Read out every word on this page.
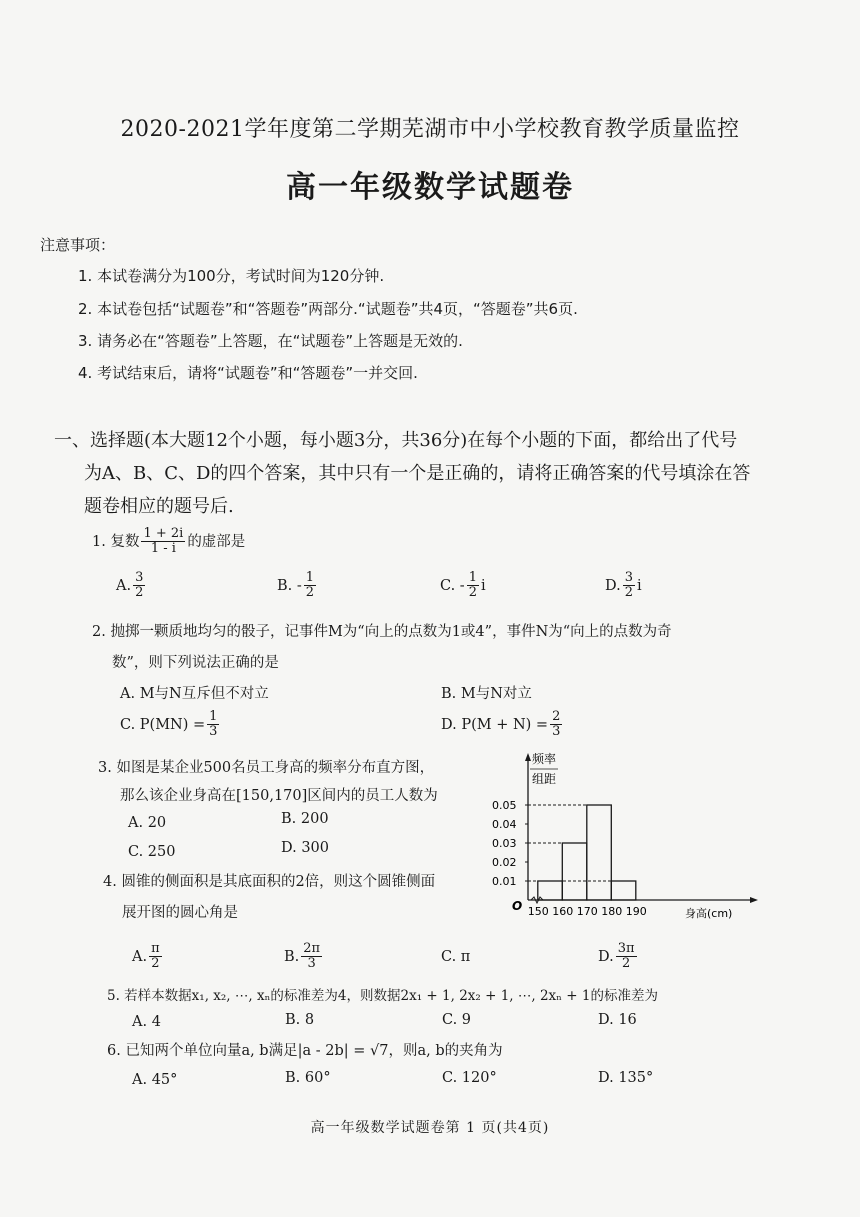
2020-2021学年度第二学期芜湖市中小学校教育教学质量监控
高一年级数学试题卷
注意事项：
1. 本试卷满分为100分，考试时间为120分钟.
2. 本试卷包括“试题卷”和“答题卷”两部分.“试题卷”共4页，“答题卷”共6页.
3. 请务必在“答题卷”上答题，在“试题卷”上答题是无效的.
4. 考试结束后，请将“试题卷”和“答题卷”一并交回.
一、选择题(本大题12个小题，每小题3分，共36分)在每个小题的下面，都给出了代号
为A、B、C、D的四个答案，其中只有一个是正确的，请将正确答案的代号填涂在答
题卷相应的题号后.
1. 复数 $\frac{1 + 2i}{1 - i}$ 的虚部是
A. $\frac{3}{2}$	B. - $\frac{1}{2}$	C. - $\frac{1}{2}$ i	D. $\frac{3}{2}$ i
2. 抛掷一颗质地均匀的骰子，记事件M为“向上的点数为1或4”，事件N为“向上的点数为奇
数”，则下列说法正确的是
A. M与N互斥但不对立	B. M与N对立
C. $P(MN) = \frac{1}{3}$	D. $P(M + N) = \frac{2}{3}$
3. 如图是某企业500名员工身高的频率分布直方图，
那么该企业身高在[150,170]区间内的员工人数为
A. 20	B. 200
C. 250	D. 300
4. 圆锥的侧面积是其底面积的2倍，则这个圆锥侧面
展开图的圆心角是
A. $\frac{\pi}{2}$	B. $\frac{2\pi}{3}$	C. π	D. $\frac{3\pi}{2}$
5. 若样本数据x₁, x₂, ⋯, xₙ的标准差为4，则数据2x₁ + 1, 2x₂ + 1, ⋯, 2xₙ + 1的标准差为
A. 4	B. 8	C. 9	D. 16
6. 已知两个单位向量a, b满足|a - 2b| = √7，则a, b的夹角为
A. 45°	B. 60°	C. 120°	D. 135°
频率
组距
O
0.01
0.02
0.03
0.04
0.05
150 160 170 180 190	身高(cm)
高一年级数学试题卷第 1 页(共4页)
